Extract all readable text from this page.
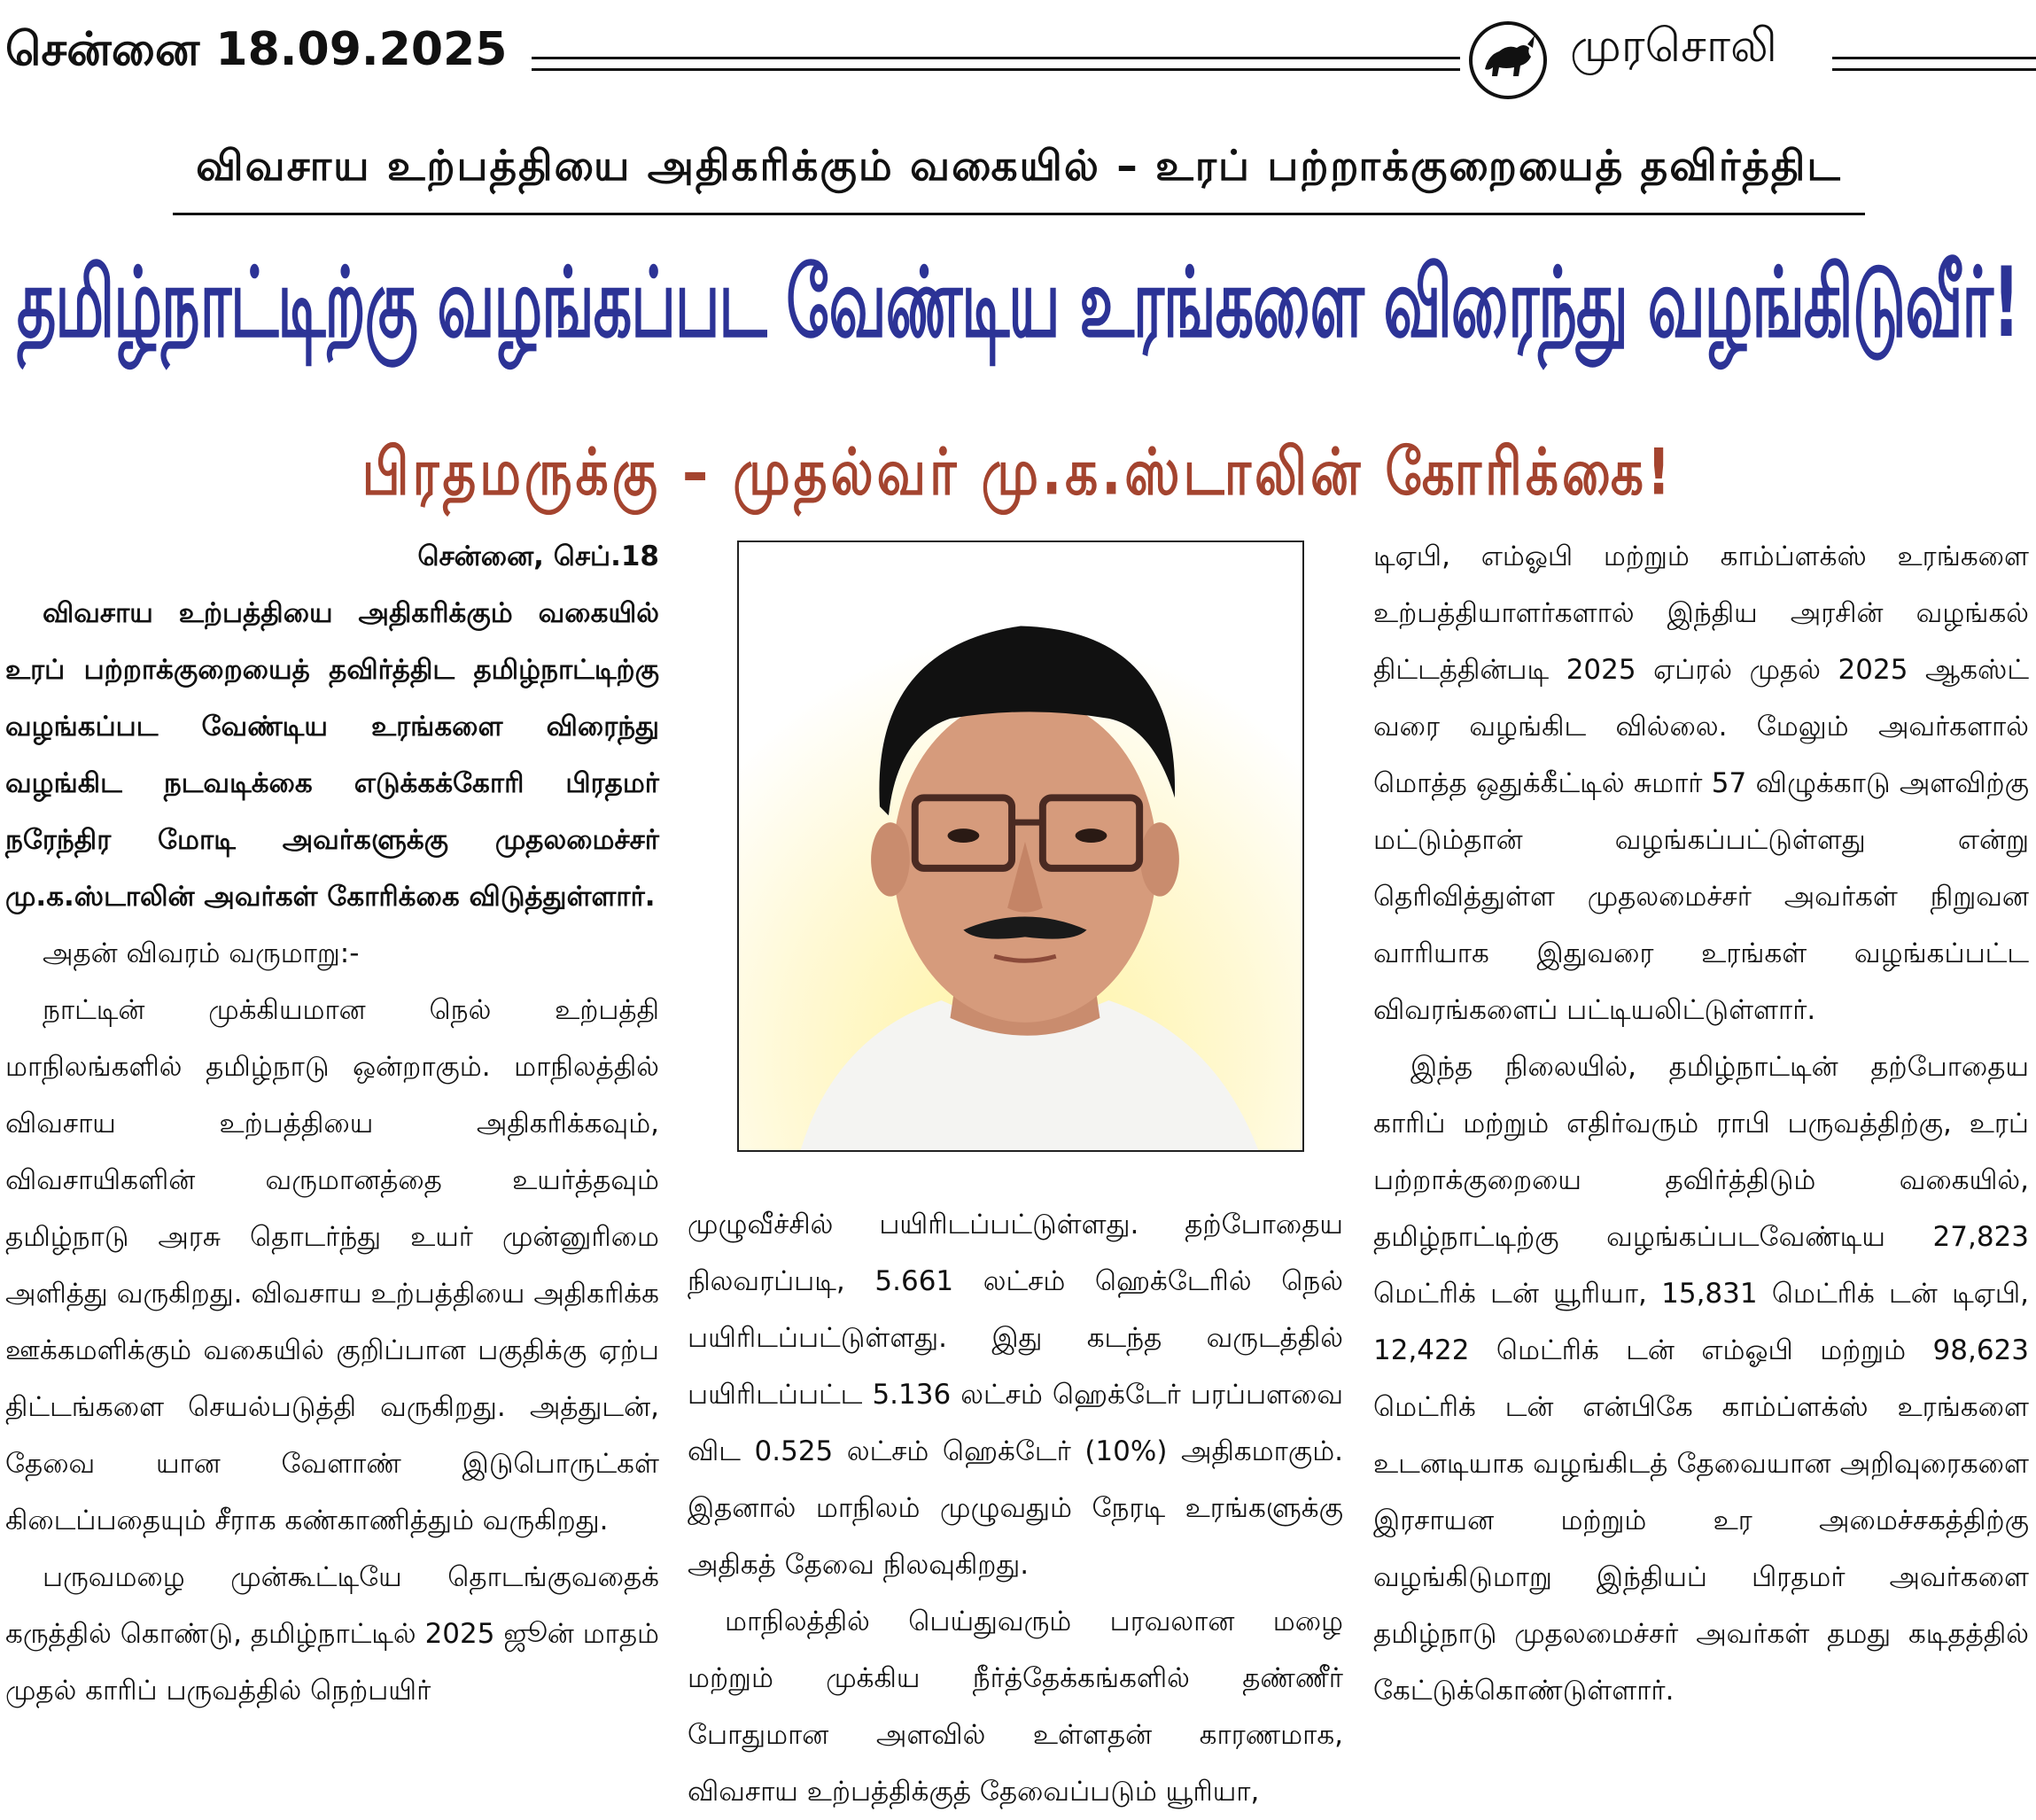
சென்னை 18.09.2025	முரசொலி
விவசாய உற்பத்தியை அதிகரிக்கும் வகையில் – உரப் பற்றாக்குறையைத் தவிர்த்திட
தமிழ்நாட்டிற்கு வழங்கப்பட வேண்டிய உரங்களை விரைந்து வழங்கிடுவீர்!
பிரதமருக்கு – முதல்வர் மு.க.ஸ்டாலின் கோரிக்கை!

சென்னை, செப்.18

விவசாய உற்பத்தியை அதிகரிக்கும் வகையில் உரப் பற்றாக்குறையைத் தவிர்த்திட தமிழ்நாட்டிற்கு வழங்கப்பட வேண்டிய உரங்களை விரைந்து வழங்கிட நடவடிக்கை எடுக்கக்கோரி பிரதமர் நரேந்திர மோடி அவர்களுக்கு முதலமைச்சர் மு.க.ஸ்டாலின் அவர்கள் கோரிக்கை விடுத்துள்ளார்.

அதன் விவரம் வருமாறு:-

நாட்டின் முக்கியமான நெல் உற்பத்தி மாநிலங்களில் தமிழ்நாடு ஒன்றாகும். மாநிலத்தில் விவசாய உற்பத்தியை அதிகரிக்கவும், விவசாயிகளின் வருமானத்தை உயர்த்தவும் தமிழ்நாடு அரசு தொடர்ந்து உயர் முன்னுரிமை அளித்து வருகிறது. விவசாய உற்பத்தியை அதிகரிக்க ஊக்கமளிக்கும் வகையில் குறிப்பான பகுதிக்கு ஏற்ப திட்டங்களை செயல்படுத்தி வருகிறது. அத்துடன், தேவை யான வேளாண் இடுபொருட்கள் கிடைப்பதையும் சீராக கண்காணித்தும் வருகிறது.

பருவமழை முன்கூட்டியே தொடங்குவதைக் கருத்தில் கொண்டு, தமிழ்நாட்டில் 2025 ஜூன் மாதம் முதல் காரிப் பருவத்தில் நெற்பயிர்

முழுவீச்சில் பயிரிடப்பட்டுள்ளது. தற்போதைய நிலவரப்படி, 5.661 லட்சம் ஹெக்டேரில் நெல் பயிரிடப்பட்டுள்ளது. இது கடந்த வருடத்தில் பயிரிடப்பட்ட 5.136 லட்சம் ஹெக்டேர் பரப்பளவை விட 0.525 லட்சம் ஹெக்டேர் (10%) அதிகமாகும். இதனால் மாநிலம் முழுவதும் நேரடி உரங்களுக்கு அதிகத் தேவை நிலவுகிறது.

மாநிலத்தில் பெய்துவரும் பரவலான மழை மற்றும் முக்கிய நீர்த்தேக்கங்களில் தண்ணீர் போதுமான அளவில் உள்ளதன் காரணமாக, விவசாய உற்பத்திக்குத் தேவைப்படும் யூரியா,

டிஏபி, எம்ஓபி மற்றும் காம்ப்ளக்ஸ் உரங்களை உற்பத்தியாளர்களால் இந்திய அரசின் வழங்கல் திட்டத்தின்படி 2025 ஏப்ரல் முதல் 2025 ஆகஸ்ட் வரை வழங்கிட வில்லை. மேலும் அவர்களால் மொத்த ஒதுக்கீட்டில் சுமார் 57 விழுக்காடு அளவிற்கு மட்டும்தான் வழங்கப்பட்டுள்ளது என்று தெரிவித்துள்ள முதலமைச்சர் அவர்கள் நிறுவன வாரியாக இதுவரை உரங்கள் வழங்கப்பட்ட விவரங்களைப் பட்டியலிட்டுள்ளார்.

இந்த நிலையில், தமிழ்நாட்டின் தற்போதைய காரிப் மற்றும் எதிர்வரும் ராபி பருவத்திற்கு, உரப் பற்றாக்குறையை தவிர்த்திடும் வகையில், தமிழ்நாட்டிற்கு வழங்கப்படவேண்டிய 27,823 மெட்ரிக் டன் யூரியா, 15,831 மெட்ரிக் டன் டிஏபி, 12,422 மெட்ரிக் டன் எம்ஓபி மற்றும் 98,623 மெட்ரிக் டன் என்பிகே காம்ப்ளக்ஸ் உரங்களை உடனடியாக வழங்கிடத் தேவையான அறிவுரைகளை இரசாயன மற்றும் உர அமைச்சகத்திற்கு வழங்கிடுமாறு இந்தியப் பிரதமர் அவர்களை தமிழ்நாடு முதலமைச்சர் அவர்கள் தமது கடிதத்தில் கேட்டுக்கொண்டுள்ளார்.
